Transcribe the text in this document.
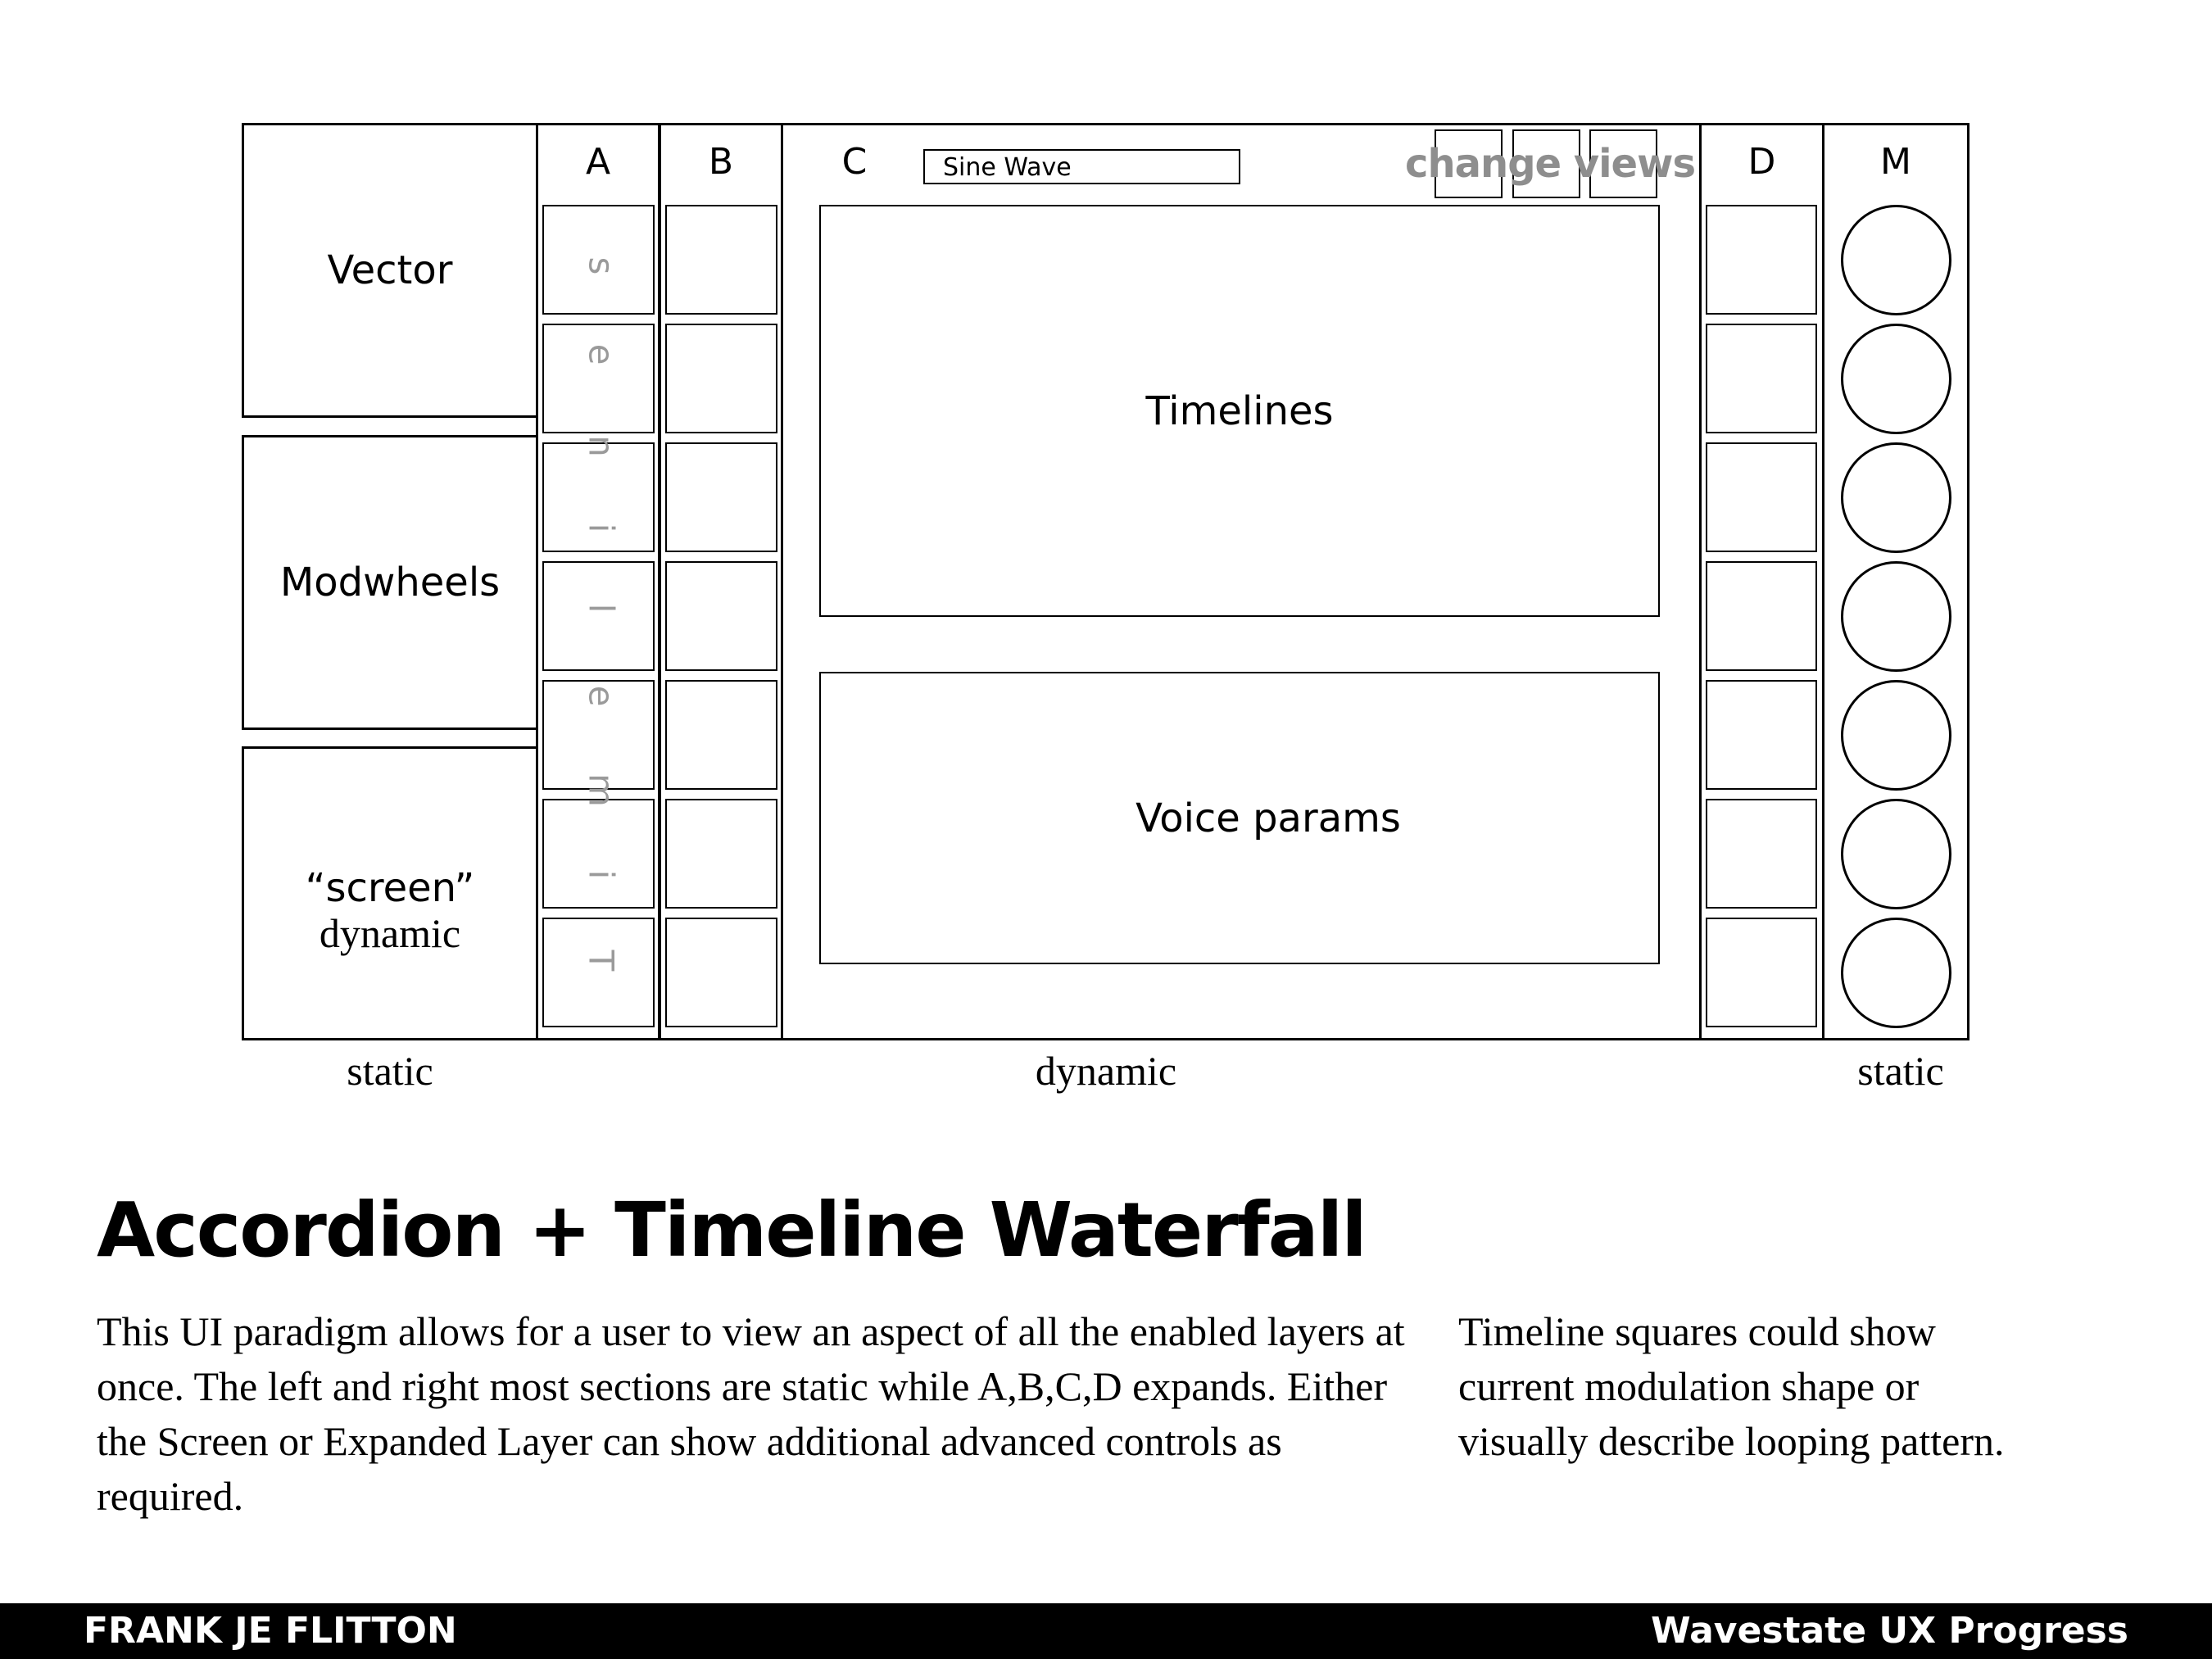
Vector
Modwheels
“screen”
dynamic
A	B	C	D	M
Sine Wave	change views
Timelines
Voice params
T
i
m
e
l
i
n
e
s
static	dynamic	static
Accordion + Timeline Waterfall
This UI paradigm allows for a user to view an aspect of all the enabled layers at once. The left and right most sections are static while A,B,C,D expands. Either the Screen or Expanded Layer can show additional advanced controls as required.
Timeline squares could show current modulation shape or visually describe looping pattern.
FRANK JE FLITTON	Wavestate UX Progress
